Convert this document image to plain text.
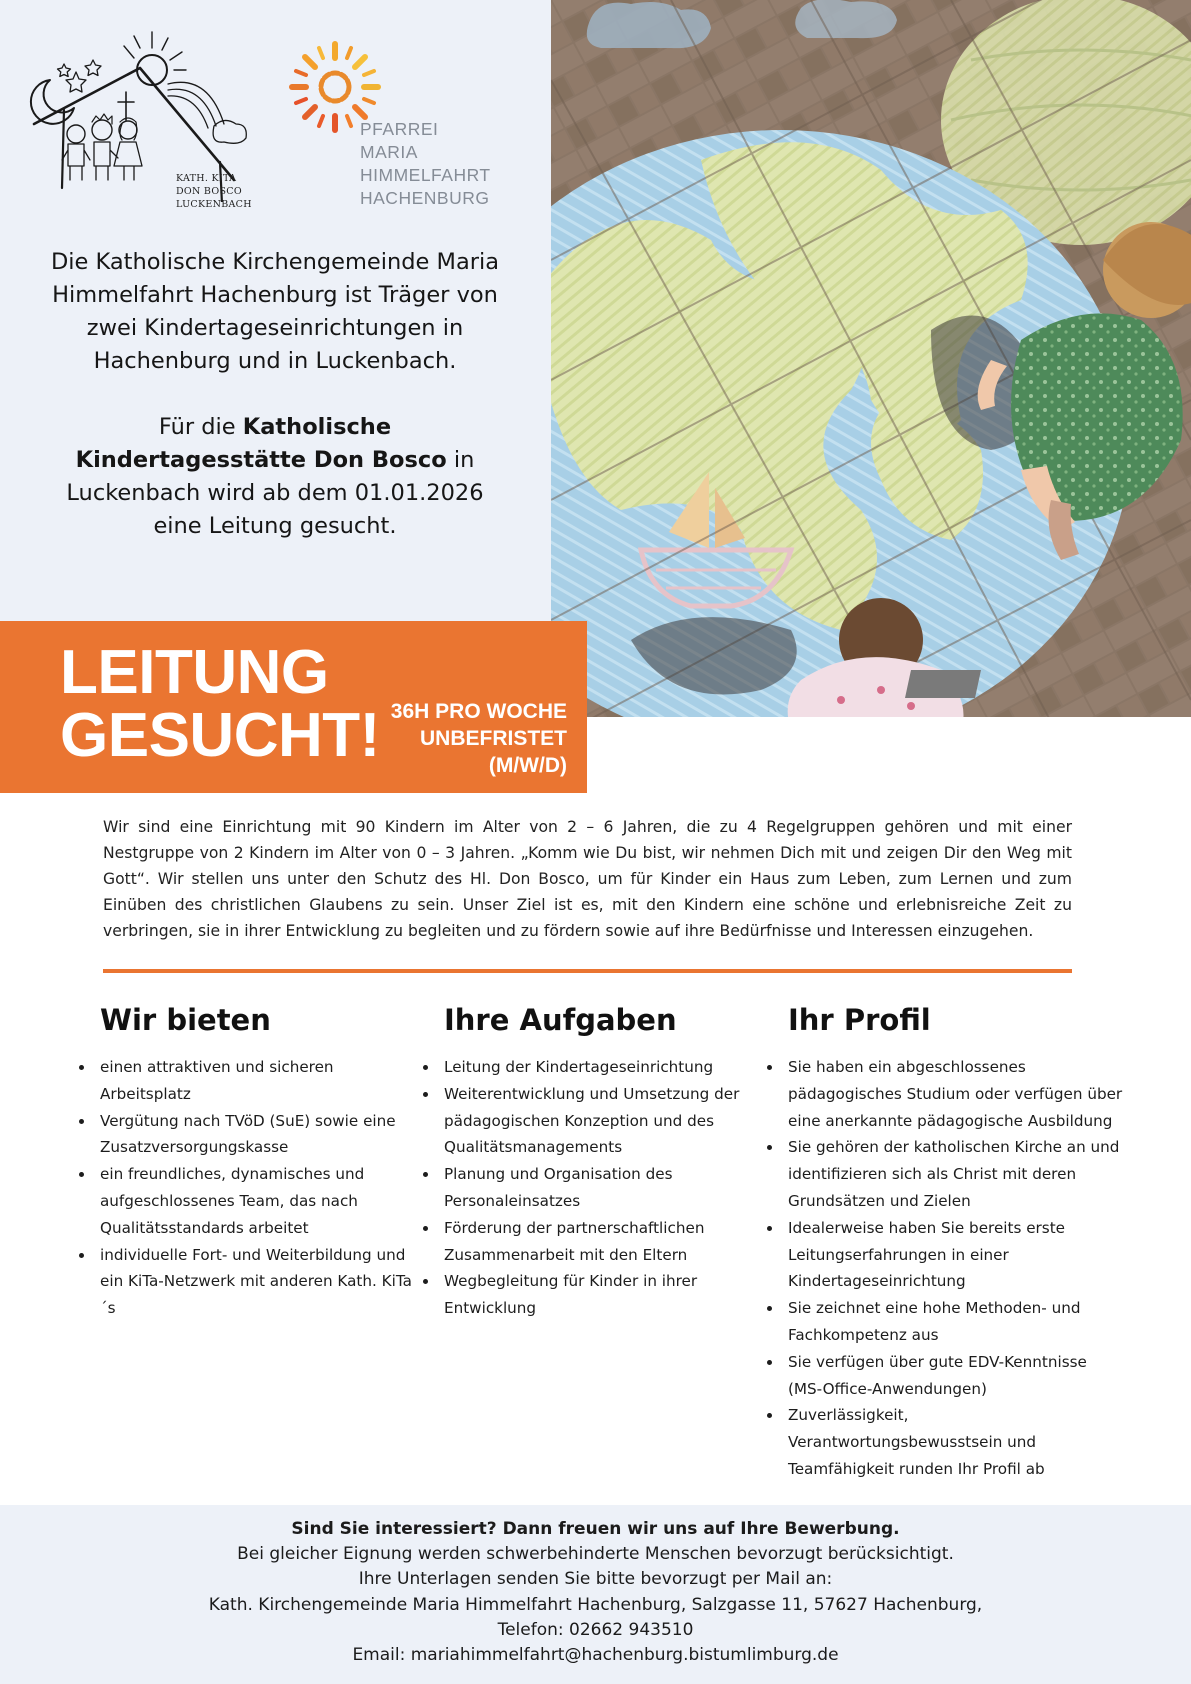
KATH. KITA
DON BOSCO
LUCKENBACH
PFARREI
MARIA HIMMELFAHRT
HACHENBURG

Die Katholische Kirchengemeinde Maria Himmelfahrt Hachenburg ist Träger von zwei Kindertageseinrichtungen in Hachenburg und in Luckenbach.

Für die Katholische Kindertagesstätte Don Bosco in Luckenbach wird ab dem 01.01.2026 eine Leitung gesucht.

LEITUNG
GESUCHT! 36H PRO WOCHE
UNBEFRISTET
(M/W/D)

Wir sind eine Einrichtung mit 90 Kindern im Alter von 2 – 6 Jahren, die zu 4 Regelgruppen gehören und mit einer Nestgruppe von 2 Kindern im Alter von 0 – 3 Jahren. „Komm wie Du bist, wir nehmen Dich mit und zeigen Dir den Weg mit Gott“. Wir stellen uns unter den Schutz des Hl. Don Bosco, um für Kinder ein Haus zum Leben, zum Lernen und zum Einüben des christlichen Glaubens zu sein. Unser Ziel ist es, mit den Kindern eine schöne und erlebnisreiche Zeit zu verbringen, sie in ihrer Entwicklung zu begleiten und zu fördern sowie auf ihre Bedürfnisse und Interessen einzugehen.

Wir bieten
einen attraktiven und sicheren Arbeitsplatz
Vergütung nach TVöD (SuE) sowie eine Zusatzversorgungskasse
ein freundliches, dynamisches und aufgeschlossenes Team, das nach Qualitätsstandards arbeitet
individuelle Fort- und Weiterbildung und ein KiTa-Netzwerk mit anderen Kath. KiTa´s
Ihre Aufgaben
Leitung der Kindertageseinrichtung
Weiterentwicklung und Umsetzung der pädagogischen Konzeption und des Qualitätsmanagements
Planung und Organisation des Personaleinsatzes
Förderung der partnerschaftlichen Zusammenarbeit mit den Eltern
Wegbegleitung für Kinder in ihrer Entwicklung
Ihr Profil
Sie haben ein abgeschlossenes pädagogisches Studium oder verfügen über eine anerkannte pädagogische Ausbildung
Sie gehören der katholischen Kirche an und identifizieren sich als Christ mit deren Grundsätzen und Zielen
Idealerweise haben Sie bereits erste Leitungserfahrungen in einer Kindertageseinrichtung
Sie zeichnet eine hohe Methoden- und Fachkompetenz aus
Sie verfügen über gute EDV-Kenntnisse (MS-Office-Anwendungen)
Zuverlässigkeit, Verantwortungsbewusstsein und Teamfähigkeit runden Ihr Profil ab
Sind Sie interessiert? Dann freuen wir uns auf Ihre Bewerbung.
Bei gleicher Eignung werden schwerbehinderte Menschen bevorzugt berücksichtigt.
Ihre Unterlagen senden Sie bitte bevorzugt per Mail an:
Kath. Kirchengemeinde Maria Himmelfahrt Hachenburg, Salzgasse 11, 57627 Hachenburg,
Telefon: 02662 943510
Email: mariahimmelfahrt@hachenburg.bistumlimburg.de
